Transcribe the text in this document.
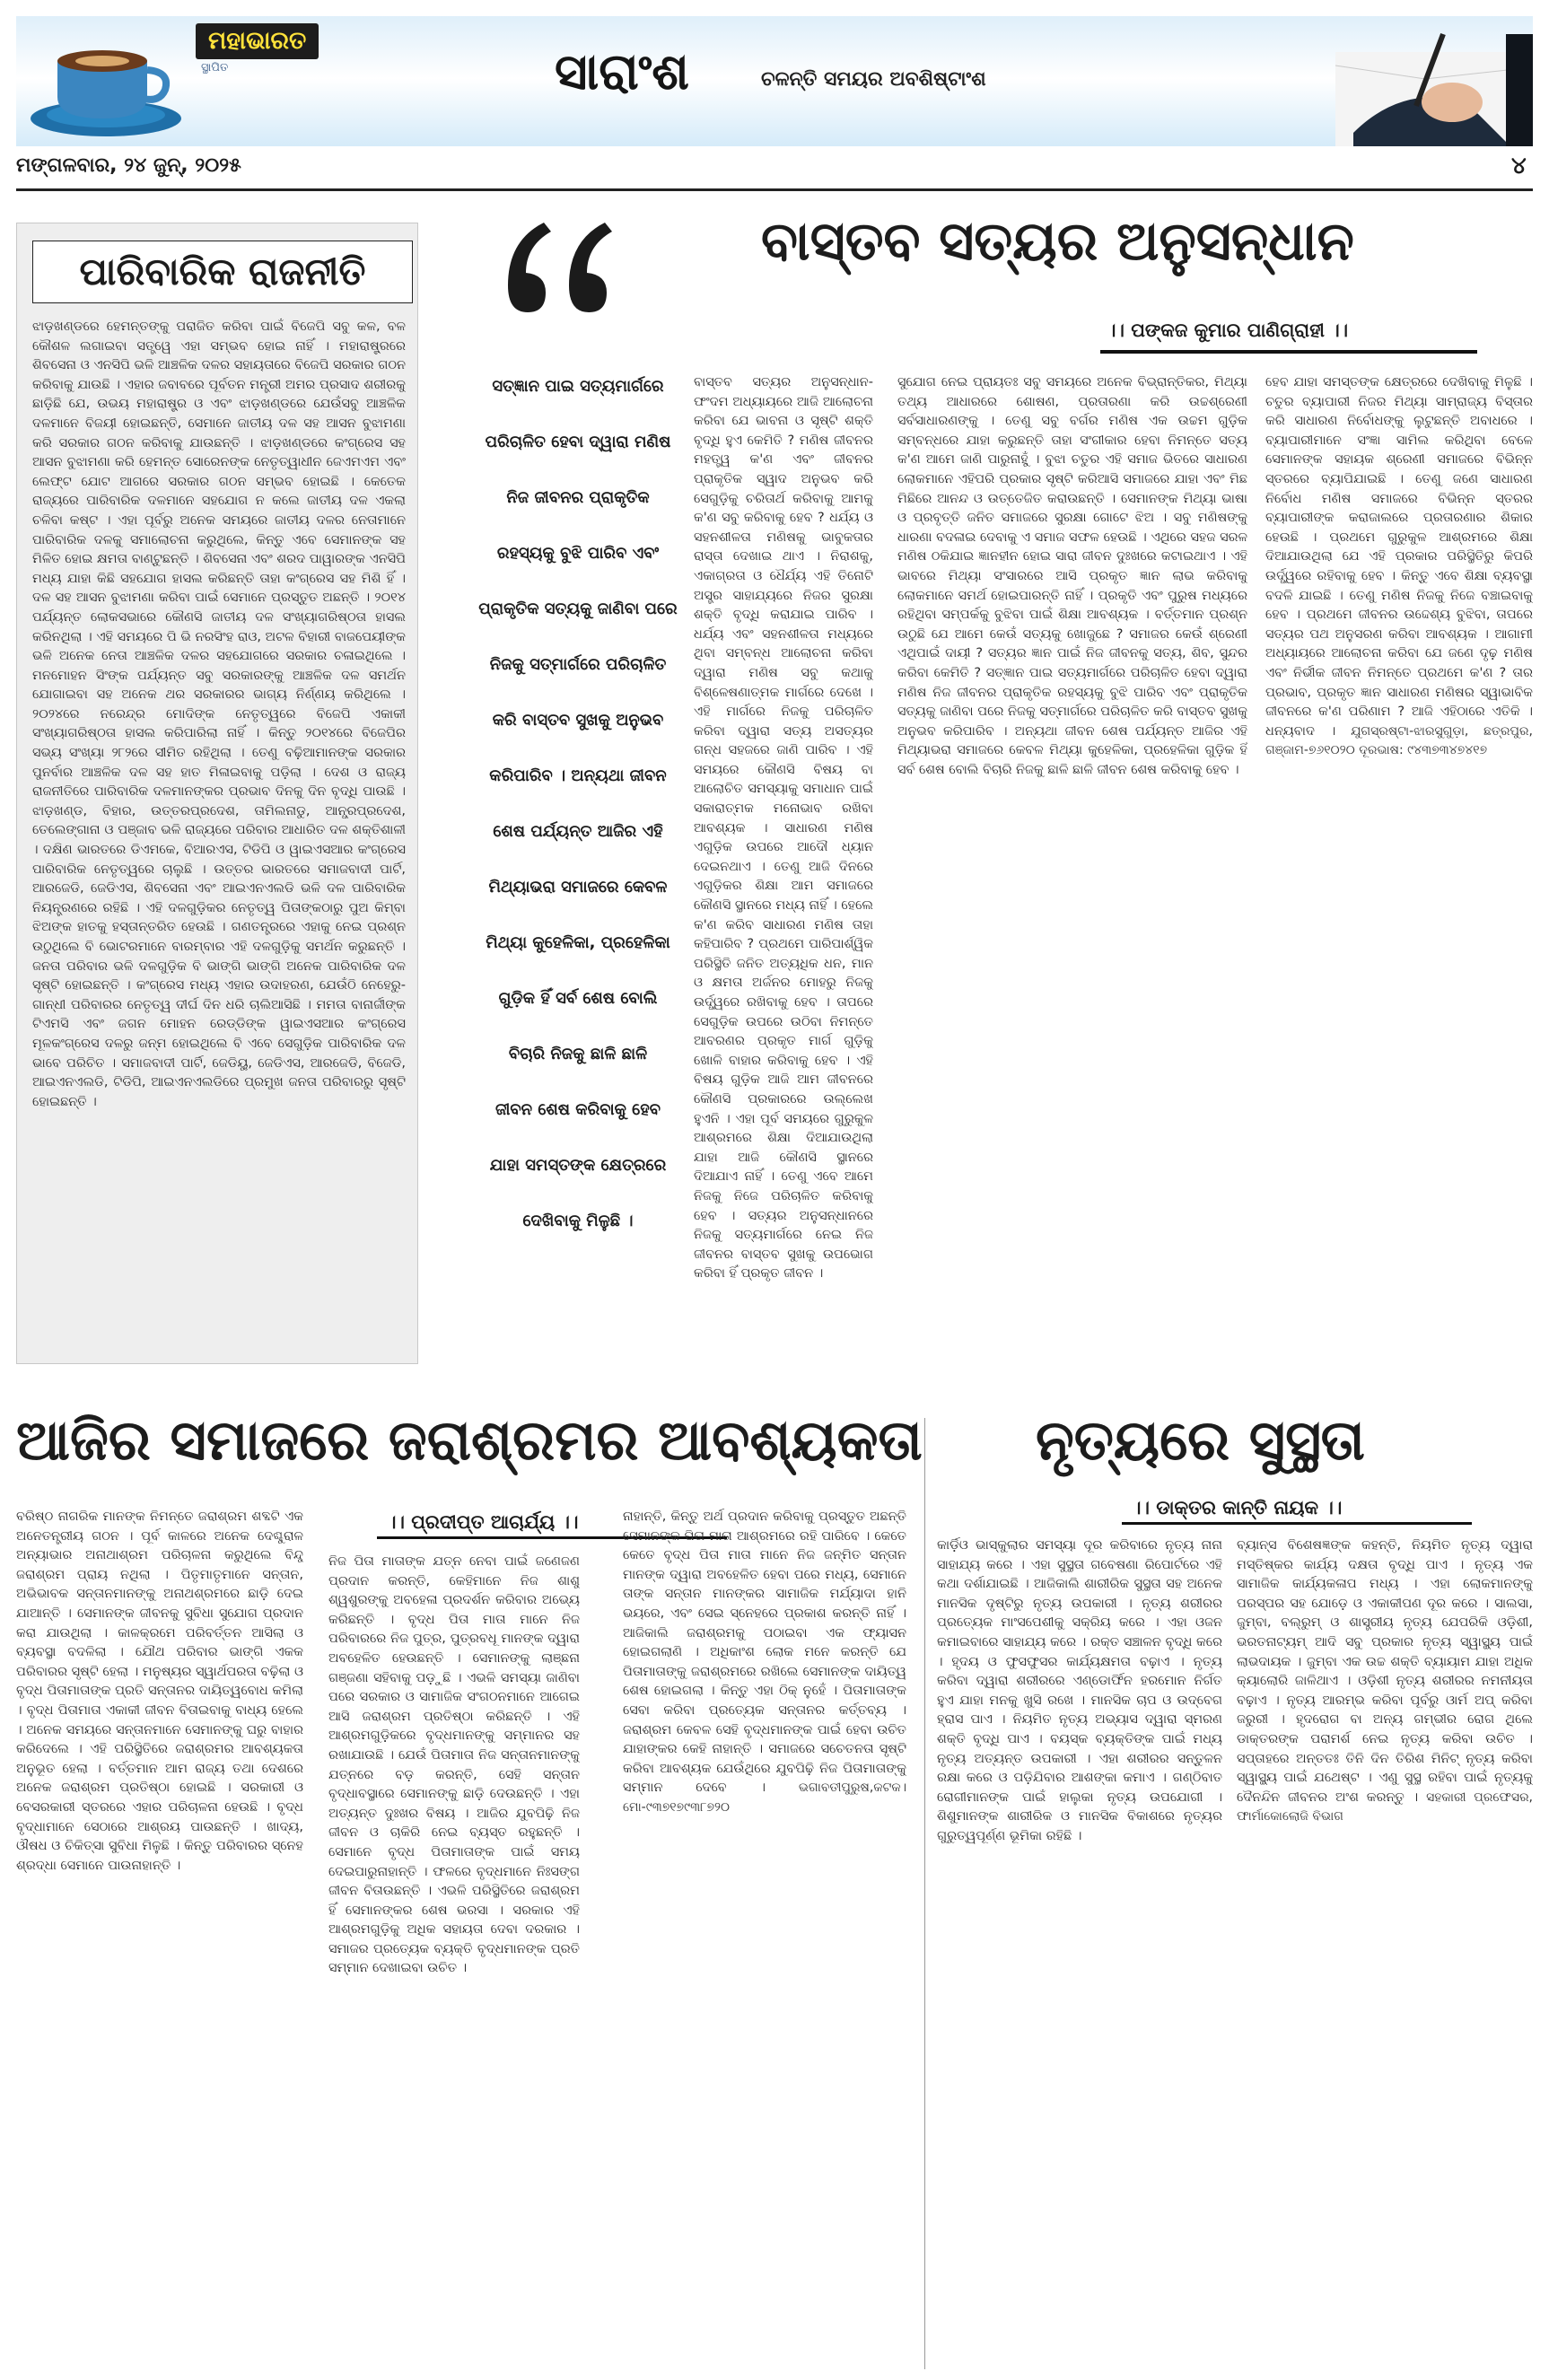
ମହାଭାରତ
ସ୍ଥାପିତ	ସାରାଂଶ	ଚଳନ୍ତି ସମୟର ଅବଶିଷ୍ଟାଂଶ
ମଙ୍ଗଳବାର, ୨୪ ଜୁନ୍, ୨୦୨୫	୪
ପାରିବାରିକ ରାଜନୀତି
ଝାଡ଼ଖଣ୍ଡରେ ହେମନ୍ତଙ୍କୁ ପରାଜିତ କରିବା ପାଇଁ ବିଜେପି ସବୁ କଳ, ବଳ କୌଶଳ ଲଗାଇବା ସତ୍ତ୍ୱେ ଏହା ସମ୍ଭବ ହୋଇ ନାହିଁ । ମହାରାଷ୍ଟ୍ରରେ ଶିବସେନା ଓ ଏନସିପି ଭଳି ଆଞ୍ଚଳିକ ଦଳର ସହାୟତାରେ ବିଜେପି ସରକାର ଗଠନ କରିବାକୁ ଯାଉଛି । ଏହାର ଜବାବରେ ପୂର୍ବତନ ମନ୍ତ୍ରୀ ଅମର ପ୍ରସାଦ ଶରୀରକୁ ଛାଡ଼ିଛି ଯେ, ଉଭୟ ମହାରାଷ୍ଟ୍ର ଓ ଏବଂ ଝାଡ଼ଖଣ୍ଡରେ ଯେଉଁସବୁ ଆଞ୍ଚଳିକ ଦଳମାନେ ବିଜୟୀ ହୋଇଛନ୍ତି, ସେମାନେ ଜାତୀୟ ଦଳ ସହ ଆସନ ବୁଝାମଣା କରି ସରକାର ଗଠନ କରିବାକୁ ଯାଉଛନ୍ତି । ଝାଡ଼ଖଣ୍ଡରେ କଂଗ୍ରେସ ସହ ଆସନ ବୁଝାମଣା କରି ହେମନ୍ତ ସୋରେନଙ୍କ ନେତୃତ୍ୱାଧୀନ ଜେଏମଏମ ଏବଂ ଲେଫ୍ଟ ଯୋଟ ଆଗରେ ସରକାର ଗଠନ ସମ୍ଭବ ହୋଇଛି । କେତେକ ରାଜ୍ୟରେ ପାରିବାରିକ ଦଳମାନେ ସହଯୋଗ ନ କଲେ ଜାତୀୟ ଦଳ ଏକଲା ଚଳିବା କଷ୍ଟ । ଏହା ପୂର୍ବରୁ ଅନେକ ସମୟରେ ଜାତୀୟ ଦଳର ନେତାମାନେ ପାରିବାରିକ ଦଳକୁ ସମାଲୋଚନା କରୁଥିଲେ, କିନ୍ତୁ ଏବେ ସେମାନଙ୍କ ସହ ମିଳିତ ହୋଇ କ୍ଷମତା ବାଣ୍ଟୁଛନ୍ତି । ଶିବସେନା ଏବଂ ଶରଦ ପାୱାରଙ୍କ ଏନସିପି ମଧ୍ୟ ଯାହା କିଛି ସହଯୋଗ ହାସଲ କରିଛନ୍ତି ତାହା କଂଗ୍ରେସ ସହ ମିଶି ହିଁ । ଦଳ ସହ ଆସନ ବୁଝାମଣା କରିବା ପାଇଁ ସେମାନେ ପ୍ରସ୍ତୁତ ଅଛନ୍ତି । ୨୦୧୪ ପର୍ଯ୍ୟନ୍ତ ଲୋକସଭାରେ କୌଣସି ଜାତୀୟ ଦଳ ସଂଖ୍ୟାଗରିଷ୍ଠତା ହାସଲ କରିନଥିଲା । ଏହି ସମୟରେ ପି ଭି ନରସିଂହ ରାଓ, ଅଟଳ ବିହାରୀ ବାଜପେୟୀଙ୍କ ଭଳି ଅନେକ ନେତା ଆଞ୍ଚଳିକ ଦଳର ସହଯୋଗରେ ସରକାର ଚଳାଇଥିଲେ । ମନମୋହନ ସିଂଙ୍କ ପର୍ଯ୍ୟନ୍ତ ସବୁ ସରକାରଙ୍କୁ ଆଞ୍ଚଳିକ ଦଳ ସମର୍ଥନ ଯୋଗାଇବା ସହ ଅନେକ ଥର ସରକାରର ଭାଗ୍ୟ ନିର୍ଣ୍ଣୟ କରିଥିଲେ । ୨୦୨୪ରେ ନରେନ୍ଦ୍ର ମୋଦିଙ୍କ ନେତୃତ୍ୱରେ ବିଜେପି ଏକାକୀ ସଂଖ୍ୟାଗରିଷ୍ଠତା ହାସଲ କରିପାରିଲା ନାହିଁ । କିନ୍ତୁ ୨୦୧୪ରେ ବିଜେପିର ସଭ୍ୟ ସଂଖ୍ୟା ୨୮୨ରେ ସୀମିତ ରହିଥିଲା । ତେଣୁ ବଢ଼ିଆମାନଙ୍କ ସରକାର ପୁନର୍ବାର ଆଞ୍ଚଳିକ ଦଳ ସହ ହାତ ମିଳାଇବାକୁ ପଡ଼ିଲା । ଦେଶ ଓ ରାଜ୍ୟ ରାଜନୀତିରେ ପାରିବାରିକ ଦଳମାନଙ୍କର ପ୍ରଭାବ ଦିନକୁ ଦିନ ବୃଦ୍ଧି ପାଉଛି । ଝାଡ଼ଖଣ୍ଡ, ବିହାର, ଉତ୍ତରପ୍ରଦେଶ, ତାମିଲନାଡୁ, ଆନ୍ଧ୍ରପ୍ରଦେଶ, ତେଲେଙ୍ଗାନା ଓ ପଞ୍ଜାବ ଭଳି ରାଜ୍ୟରେ ପରିବାର ଆଧାରିତ ଦଳ ଶକ୍ତିଶାଳୀ । ଦକ୍ଷିଣ ଭାରତରେ ଡିଏମକେ, ବିଆରଏସ, ଟିଡିପି ଓ ୱାଇଏସଆର କଂଗ୍ରେସ ପାରିବାରିକ ନେତୃତ୍ୱରେ ଚାଲୁଛି । ଉତ୍ତର ଭାରତରେ ସମାଜବାଦୀ ପାର୍ଟି, ଆରଜେଡି, ଜେଡିଏସ, ଶିବସେନା ଏବଂ ଆଇଏନଏଲଡି ଭଳି ଦଳ ପାରିବାରିକ ନିୟନ୍ତ୍ରଣରେ ରହିଛି । ଏହି ଦଳଗୁଡ଼ିକର ନେତୃତ୍ୱ ପିତାଙ୍କଠାରୁ ପୁଅ କିମ୍ବା ଝିଅଙ୍କ ହାତକୁ ହସ୍ତାନ୍ତରିତ ହେଉଛି । ଗଣତନ୍ତ୍ରରେ ଏହାକୁ ନେଇ ପ୍ରଶ୍ନ ଉଠୁଥିଲେ ବି ଭୋଟରମାନେ ବାରମ୍ବାର ଏହି ଦଳଗୁଡ଼ିକୁ ସମର୍ଥନ କରୁଛନ୍ତି । ଜନତା ପରିବାର ଭଳି ଦଳଗୁଡ଼ିକ ବି ଭାଙ୍ଗି ଭାଙ୍ଗି ଅନେକ ପାରିବାରିକ ଦଳ ସୃଷ୍ଟି ହୋଇଛନ୍ତି । କଂଗ୍ରେସ ମଧ୍ୟ ଏହାର ଉଦାହରଣ, ଯେଉଁଠି ନେହେରୁ-ଗାନ୍ଧୀ ପରିବାରର ନେତୃତ୍ୱ ଦୀର୍ଘ ଦିନ ଧରି ଚାଲିଆସିଛି । ମମତା ବାନାର୍ଜୀଙ୍କ ଟିଏମସି ଏବଂ ଜଗନ ମୋହନ ରେଡ୍ଡିଙ୍କ ୱାଇଏସଆର କଂଗ୍ରେସ ମୂଳକଂଗ୍ରେସ ଦଳରୁ ଜନ୍ମ ହୋଇଥିଲେ ବି ଏବେ ସେଗୁଡ଼ିକ ପାରିବାରିକ ଦଳ ଭାବେ ପରିଚିତ । ସମାଜବାଦୀ ପାର୍ଟି, ଜେଡିୟୁ, ଜେଡିଏସ, ଆରଜେଡି, ବିଜେଡି, ଆଇଏନଏଲଡି, ଟିଡିପି, ଆଇଏନଏଲଡିରେ ପ୍ରମୁଖ ଜନତା ପରିବାରରୁ ସୃଷ୍ଟି ହୋଇଛନ୍ତି ।
ବାସ୍ତବ ସତ୍ୟର ଅନୁସନ୍ଧାନ
।। ପଙ୍କଜ କୁମାର ପାଣିଗ୍ରାହୀ ।।
ସତ୍‌ଜ୍ଞାନ ପାଇ ସତ୍ୟମାର୍ଗରେ
ପରିଚାଳିତ ହେବା ଦ୍ୱାରା ମଣିଷ
ନିଜ ଜୀବନର ପ୍ରାକୃତିକ
ରହସ୍ୟକୁ ବୁଝି ପାରିବ ଏବଂ
ପ୍ରାକୃତିକ ସତ୍ୟକୁ ଜାଣିବା ପରେ
ନିଜକୁ ସତ୍‌ମାର୍ଗରେ ପରିଚାଳିତ
କରି ବାସ୍ତବ ସୁଖକୁ ଅନୁଭବ
କରିପାରିବ । ଅନ୍ୟଥା ଜୀବନ
ଶେଷ ପର୍ଯ୍ୟନ୍ତ ଆଜିର ଏହି
ମିଥ୍ୟାଭରା ସମାଜରେ କେବଳ
ମିଥ୍ୟା କୁହେଳିକା, ପ୍ରହେଳିକା
ଗୁଡ଼ିକ ହିଁ ସର୍ବ ଶେଷ ବୋଲି
ବିଚାରି ନିଜକୁ ଛାଳି ଛାଳି
ଜୀବନ ଶେଷ କରିବାକୁ ହେବ
ଯାହା ସମସ୍ତଙ୍କ କ୍ଷେତ୍ରରେ
ଦେଖିବାକୁ ମିଳୁଛି ।
ବାସ୍ତବ ସତ୍ୟର ଅନୁସନ୍ଧାନ- ଫଂଦମ ଅଧ୍ୟାୟରେ ଆଜି ଆଲୋଚନା କରିବା ଯେ ଭାବନା ଓ ସୃଷ୍ଟି ଶକ୍ତି ବୃଦ୍ଧି ହୁଏ କେମିତି ? ମଣିଷ ଜୀବନର ମହତ୍ତ୍ୱ କ'ଣ ଏବଂ ଜୀବନର ପ୍ରାକୃତିକ ସ୍ୱାଦ ଅନୁଭବ କରି ସେଗୁଡ଼ିକୁ ଚରିତାର୍ଥ କରିବାକୁ ଆମକୁ କ'ଣ ସବୁ କରିବାକୁ ହେବ ? ଧର୍ଯ୍ୟ ଓ ସହନଶୀଳତା ମଣିଷକୁ ଭାବୁକତାର ରାସ୍ତା ଦେଖାଇ ଥାଏ । ନିରାଶକୁ, ଏକାଗ୍ରତା ଓ ଧୈର୍ଯ୍ୟ ଏହି ତିନୋଟି ଅସ୍ତ୍ର ସାହାଯ୍ୟରେ ନିଜର ସୁରକ୍ଷା ଶକ୍ତି ବୃଦ୍ଧି କରାଯାଇ ପାରିବ । ଧର୍ଯ୍ୟ ଏବଂ ସହନଶୀଳତା ମଧ୍ୟରେ ଥିବା ସମ୍ବନ୍ଧ ଆଲୋଚନା କରିବା ଦ୍ୱାରା ମଣିଷ ସବୁ କଥାକୁ ବିଶ୍ଳେଷଣାତ୍ମକ ମାର୍ଗରେ ଦେଖେ । ଏହି ମାର୍ଗରେ ନିଜକୁ ପରିଚାଳିତ କରିବା ଦ୍ୱାରା ସତ୍ୟ ଅସତ୍ୟର ଗନ୍ଧ ସହଜରେ ଜାଣି ପାରିବ । ଏହି ସମୟରେ କୌଣସି ବିଷୟ ବା ଆଲୋଚିତ ସମସ୍ୟାକୁ ସମାଧାନ ପାଇଁ ସକାରାତ୍ମକ ମନୋଭାବ ରଖିବା ଆବଶ୍ୟକ । ସାଧାରଣ ମଣିଷ ଏଗୁଡ଼ିକ ଉପରେ ଆଦୌ ଧ୍ୟାନ ଦେଇନଥାଏ । ତେଣୁ ଆଜି ଦିନରେ ଏଗୁଡ଼ିକର ଶିକ୍ଷା ଆମ ସମାଜରେ କୌଣସି ସ୍ଥାନରେ ମଧ୍ୟ ନାହିଁ । ହେଲେ କ'ଣ କରିବ ସାଧାରଣ ମଣିଷ ତାହା କହିପାରିବ ? ପ୍ରଥମେ ପାରିପାର୍ଶ୍ୱିକ ପରିସ୍ଥିତି ଜନିତ ଅତ୍ୟଧିକ ଧନ, ମାନ ଓ କ୍ଷମତା ଅର୍ଜନର ମୋହରୁ ନିଜକୁ ଉର୍ଦ୍ଧ୍ୱରେ ରଖିବାକୁ ହେବ । ତାପରେ ସେଗୁଡ଼ିକ ଉପରେ ଉଠିବା ନିମନ୍ତେ ଆବରଣର ପ୍ରକୃତ ମାର୍ଗ ଗୁଡ଼ିକୁ ଖୋଳି ବାହାର କରିବାକୁ ହେବ । ଏହି ବିଷୟ ଗୁଡ଼ିକ ଆଜି ଆମ ଜୀବନରେ କୌଣସି ପ୍ରକାରରେ ଉଲ୍ଲେଖ ହୁଏନି । ଏହା ପୂର୍ବ ସମୟରେ ଗୁରୁକୁଳ ଆଶ୍ରମରେ ଶିକ୍ଷା ଦିଆଯାଉଥିଲା ଯାହା ଆଜି କୌଣସି ସ୍ଥାନରେ ଦିଆଯାଏ ନାହିଁ । ତେଣୁ ଏବେ ଆମେ ନିଜକୁ ନିଜେ ପରିଚାଳିତ କରିବାକୁ ହେବ । ସତ୍ୟର ଅନୁସନ୍ଧାନରେ ନିଜକୁ ସତ୍ୟମାର୍ଗରେ ନେଇ ନିଜ ଜୀବନର ବାସ୍ତବ ସୁଖକୁ ଉପଭୋଗ କରିବା ହିଁ ପ୍ରକୃତ ଜୀବନ ।
ସୁଯୋଗ ନେଇ ପ୍ରାୟତଃ ସବୁ ସମୟରେ ଅନେକ ବିଭ୍ରାନ୍ତିକର, ମିଥ୍ୟା ତଥ୍ୟ ଆଧାରରେ ଶୋଷଣ, ପ୍ରତାରଣା କରି ଉଚ୍ଚଶ୍ରେଣୀ ସର୍ବସାଧାରଣଙ୍କୁ । ତେଣୁ ସବୁ ବର୍ଗର ମଣିଷ ଏକ ଉଚ୍ଚମ ଗୁଡ଼ିକ ସମ୍ବନ୍ଧରେ ଯାହା କରୁଛନ୍ତି ତାହା ସଂଗୀକାର ହେବା ନିମନ୍ତେ ସତ୍ୟ କ'ଣ ଆମେ ଜାଣି ପାରୁନାହୁଁ । ବୁଝା ଚତୁର ଏହି ସମାଜ ଭିତରେ ସାଧାରଣ ଲୋକମାନେ ଏହିପରି ପ୍ରକାର ସୃଷ୍ଟି କରିଆସି ସମାଜରେ ଯାହା ଏବଂ ମିଛ ମିଛିରେ ଆନନ୍ଦ ଓ ଉତ୍ତେଜିତ କରାଉଛନ୍ତି । ସେମାନଙ୍କ ମିଥ୍ୟା ଭାଷା ଓ ପ୍ରବୃତ୍ତି ଜନିତ ସମାଜରେ ସୁରକ୍ଷା ଗୋଟେ ଝିଅ । ସବୁ ମଣିଷଙ୍କୁ ଧାରଣା ବଦଳାଇ ଦେବାକୁ ଏ ସମାଜ ସଫଳ ହେଉଛି । ଏଥିରେ ସହଜ ସରଳ ମଣିଷ ଠକିଯାଇ ଜ୍ଞାନହୀନ ହୋଇ ସାରା ଜୀବନ ଦୁଃଖରେ କଟାଇଥାଏ । ଏହି ଭାବରେ ମିଥ୍ୟା ସଂସାରରେ ଆସି ପ୍ରକୃତ ଜ୍ଞାନ ଲାଭ କରିବାକୁ ଲୋକମାନେ ସମର୍ଥ ହୋଇପାରନ୍ତି ନାହିଁ । ପ୍ରକୃତି ଏବଂ ପୁରୁଷ ମଧ୍ୟରେ ରହିଥିବା ସମ୍ପର୍କକୁ ବୁଝିବା ପାଇଁ ଶିକ୍ଷା ଆବଶ୍ୟକ । ବର୍ତ୍ତମାନ ପ୍ରଶ୍ନ ଉଠୁଛି ଯେ ଆମେ କେଉଁ ସତ୍ୟକୁ ଖୋଜୁଛେ ? ସମାଜର କେଉଁ ଶ୍ରେଣୀ ଏଥିପାଇଁ ଦାୟୀ ? ସତ୍ୟର ଜ୍ଞାନ ପାଇଁ ନିଜ ଜୀବନକୁ ସତ୍ୟ, ଶିବ, ସୁନ୍ଦର କରିବା କେମିତି ? ସତ୍‌ଜ୍ଞାନ ପାଇ ସତ୍ୟମାର୍ଗରେ ପରିଚାଳିତ ହେବା ଦ୍ୱାରା ମଣିଷ ନିଜ ଜୀବନର ପ୍ରାକୃତିକ ରହସ୍ୟକୁ ବୁଝି ପାରିବ ଏବଂ ପ୍ରାକୃତିକ ସତ୍ୟକୁ ଜାଣିବା ପରେ ନିଜକୁ ସତ୍‌ମାର୍ଗରେ ପରିଚାଳିତ କରି ବାସ୍ତବ ସୁଖକୁ ଅନୁଭବ କରିପାରିବ । ଅନ୍ୟଥା ଜୀବନ ଶେଷ ପର୍ଯ୍ୟନ୍ତ ଆଜିର ଏହି ମିଥ୍ୟାଭରା ସମାଜରେ କେବଳ ମିଥ୍ୟା କୁହେଳିକା, ପ୍ରହେଳିକା ଗୁଡ଼ିକ ହିଁ ସର୍ବ ଶେଷ ବୋଲି ବିଚାରି ନିଜକୁ ଛାଳି ଛାଳି ଜୀବନ ଶେଷ କରିବାକୁ ହେବ ।
ହେବ ଯାହା ସମସ୍ତଙ୍କ କ୍ଷେତ୍ରରେ ଦେଖିବାକୁ ମିଳୁଛି । ଚତୁର ବ୍ୟାପାରୀ ନିଜର ମିଥ୍ୟା ସାମ୍ରାଜ୍ୟ ବିସ୍ତାର କରି ସାଧାରଣ ନିର୍ବୋଧଙ୍କୁ ଲୁଟୁଛନ୍ତି ଅବାଧରେ । ବ୍ୟାପାରୀମାନେ ସଂଜ୍ଞା ସାମିଲ କରିଥିବା ବେଳେ ସେମାନଙ୍କ ସହାୟକ ଶ୍ରେଣୀ ସମାଜରେ ବିଭିନ୍ନ ସ୍ତରରେ ବ୍ୟାପିଯାଇଛି । ତେଣୁ ଜଣେ ସାଧାରଣ ନିର୍ବୋଧ ମଣିଷ ସମାଜରେ ବିଭିନ୍ନ ସ୍ତରର ବ୍ୟାପାରୀଙ୍କ କରାଜାଲରେ ପ୍ରତାରଣାର ଶିକାର ହେଉଛି । ପ୍ରଥମେ ଗୁରୁକୁଳ ଆଶ୍ରମରେ ଶିକ୍ଷା ଦିଆଯାଉଥିଲା ଯେ ଏହି ପ୍ରକାର ପରିସ୍ଥିତିରୁ କିପରି ଉର୍ଦ୍ଧ୍ୱରେ ରହିବାକୁ ହେବ । କିନ୍ତୁ ଏବେ ଶିକ୍ଷା ବ୍ୟବସ୍ଥା ବଦଳି ଯାଇଛି । ତେଣୁ ମଣିଷ ନିଜକୁ ନିଜେ ବଞ୍ଚାଇବାକୁ ହେବ । ପ୍ରଥମେ ଜୀବନର ଉଦ୍ଦେଶ୍ୟ ବୁଝିବା, ତାପରେ ସତ୍ୟର ପଥ ଅନୁସରଣ କରିବା ଆବଶ୍ୟକ । ଆଗାମୀ ଅଧ୍ୟାୟରେ ଆଲୋଚନା କରିବା ଯେ ଜଣେ ଦୃଢ଼ ମଣିଷ ଏବଂ ନିର୍ଭୀକ ଜୀବନ ନିମନ୍ତେ ପ୍ରଥମେ କ'ଣ ? ତାର ପ୍ରଭାବ, ପ୍ରକୃତ ଜ୍ଞାନ ସାଧାରଣ ମଣିଷର ସ୍ୱାଭାବିକ ଜୀବନରେ କ'ଣ ପରିଣାମ ? ଆଜି ଏହିଠାରେ ଏତିକି । ଧନ୍ୟବାଦ । ଯୁଗସ୍ରଷ୍ଟା-ଝାରସୁଗୁଡ଼ା, ଛତ୍ରପୁର, ଗଞ୍ଜାମ-୭୬୧୦୨୦ ଦୂରଭାଷ: ୯୪୩୭୩୪୭୪୧୭
ଆଜିର ସମାଜରେ ଜରାଶ୍ରମର ଆବଶ୍ୟକତା ନୃତ୍ୟରେ ସୁସ୍ଥତା
।। ପ୍ରଦୀପ୍ତ ଆଚାର୍ଯ୍ୟ ।।
।। ଡାକ୍ତର କାନ୍ତି ନାୟକ ।।
ବରିଷ୍ଠ ନାଗରିକ ମାନଙ୍କ ନିମନ୍ତେ ଜରାଶ୍ରମ ଶବ୍ଦଟି ଏକ ଅନେତନ୍ତ୍ରୀୟ ଗଠନ । ପୂର୍ବ କାଳରେ ଅନେକ ଦେଶ୍ଚୁରାଳ ଅନ୍ୟାଭାର ଅନାଥାଶ୍ରମ ପରିଚାଳନା କରୁଥିଲେ ବିନ୍ଦୁ ଜରାଶ୍ରମ ପ୍ରାୟ ନଥିଲା । ପିତୃମାତୃମାନେ ସନ୍ତାନ, ଅଭିଭାବକ ସନ୍ତାନମାନଙ୍କୁ ଅନାଥଶ୍ରମରେ ଛାଡ଼ି ଦେଇ ଯାଆନ୍ତି । ସେମାନଙ୍କ ଜୀବନକୁ ସୁବିଧା ସୁଯୋଗ ପ୍ରଦାନ କରା ଯାଉଥିଲା । କାଳକ୍ରମେ ପରିବର୍ତ୍ତନ ଆସିଲା ଓ ବ୍ୟବସ୍ଥା ବଦଳିଲା । ଯୌଥ ପରିବାର ଭାଙ୍ଗି ଏକକ ପରିବାରର ସୃଷ୍ଟି ହେଲା । ମନୁଷ୍ୟର ସ୍ୱାର୍ଥପରତା ବଢ଼ିଲା ଓ ବୃଦ୍ଧ ପିତାମାତାଙ୍କ ପ୍ରତି ସନ୍ତାନର ଦାୟିତ୍ୱବୋଧ କମିଲା । ବୃଦ୍ଧ ପିତାମାତା ଏକାକୀ ଜୀବନ ବିତାଇବାକୁ ବାଧ୍ୟ ହେଲେ । ଅନେକ ସମୟରେ ସନ୍ତାନମାନେ ସେମାନଙ୍କୁ ଘରୁ ବାହାର କରିଦେଲେ । ଏହି ପରିସ୍ଥିତିରେ ଜରାଶ୍ରମର ଆବଶ୍ୟକତା ଅନୁଭୂତ ହେଲା । ବର୍ତ୍ତମାନ ଆମ ରାଜ୍ୟ ତଥା ଦେଶରେ ଅନେକ ଜରାଶ୍ରମ ପ୍ରତିଷ୍ଠା ହୋଇଛି । ସରକାରୀ ଓ ବେସରକାରୀ ସ୍ତରରେ ଏହାର ପରିଚାଳନା ହେଉଛି । ବୃଦ୍ଧ ବୃଦ୍ଧାମାନେ ସେଠାରେ ଆଶ୍ରୟ ପାଉଛନ୍ତି । ଖାଦ୍ୟ, ଔଷଧ ଓ ଚିକିତ୍ସା ସୁବିଧା ମିଳୁଛି । କିନ୍ତୁ ପରିବାରର ସ୍ନେହ ଶ୍ରଦ୍ଧା ସେମାନେ ପାଉନାହାନ୍ତି ।
ନିଜ ପିତା ମାତାଙ୍କ ଯତ୍ନ ନେବା ପାଇଁ ଜଣେଜଣ ପ୍ରଦାନ କରନ୍ତି, କେହିମାନେ ନିଜ ଶାଶୁ ଶ୍ୱଶୁରଙ୍କୁ ଅବହେଳା ପ୍ରଦର୍ଶନ କରିବାର ଅଭ୍ୟେ କରିଛନ୍ତି । ବୃଦ୍ଧ ପିତା ମାତା ମାନେ ନିଜ ପରିବାରରେ ନିଜ ପୁତ୍ର, ପୁତ୍ରବଧୂ ମାନଙ୍କ ଦ୍ୱାରା ଅବହେଳିତ ହେଉଛନ୍ତି । ସେମାନଙ୍କୁ ଲାଞ୍ଛନା ଗଞ୍ଜଣା ସହିବାକୁ ପଡ଼ୁଛି । ଏଭଳି ସମସ୍ୟା ଜାଣିବା ପରେ ସରକାର ଓ ସାମାଜିକ ସଂଗଠନମାନେ ଆଗେଇ ଆସି ଜରାଶ୍ରମ ପ୍ରତିଷ୍ଠା କରିଛନ୍ତି । ଏହି ଆଶ୍ରମଗୁଡ଼ିକରେ ବୃଦ୍ଧମାନଙ୍କୁ ସମ୍ମାନର ସହ ରଖାଯାଉଛି । ଯେଉଁ ପିତାମାତା ନିଜ ସନ୍ତାନମାନଙ୍କୁ ଯତ୍ନରେ ବଡ଼ କରନ୍ତି, ସେହି ସନ୍ତାନ ବୃଦ୍ଧାବସ୍ଥାରେ ସେମାନଙ୍କୁ ଛାଡ଼ି ଦେଉଛନ୍ତି । ଏହା ଅତ୍ୟନ୍ତ ଦୁଃଖର ବିଷୟ । ଆଜିର ଯୁବପିଢ଼ି ନିଜ ଜୀବନ ଓ ଚାକିରି ନେଇ ବ୍ୟସ୍ତ ରହୁଛନ୍ତି । ସେମାନେ ବୃଦ୍ଧ ପିତାମାତାଙ୍କ ପାଇଁ ସମୟ ଦେଇପାରୁନାହାନ୍ତି । ଫଳରେ ବୃଦ୍ଧମାନେ ନିଃସଙ୍ଗ ଜୀବନ ବିତାଉଛନ୍ତି । ଏଭଳି ପରିସ୍ଥିତିରେ ଜରାଶ୍ରମ ହିଁ ସେମାନଙ୍କର ଶେଷ ଭରସା । ସରକାର ଏହି ଆଶ୍ରମଗୁଡ଼ିକୁ ଅଧିକ ସହାୟତା ଦେବା ଦରକାର । ସମାଜର ପ୍ରତ୍ୟେକ ବ୍ୟକ୍ତି ବୃଦ୍ଧମାନଙ୍କ ପ୍ରତି ସମ୍ମାନ ଦେଖାଇବା ଉଚିତ ।
ନାହାନ୍ତି, କିନ୍ତୁ ଅର୍ଥ ପ୍ରଦାନ କରିବାକୁ ପ୍ରସ୍ତୁତ ଅଛନ୍ତି ସେମାନଙ୍କ ପିତା ମାତା ଆଶ୍ରମରେ ରହି ପାରିବେ । କେତେ କେତେ ବୃଦ୍ଧ ପିତା ମାତା ମାନେ ନିଜ ଜନ୍ମିତ ସନ୍ତାନ ମାନଙ୍କ ଦ୍ୱାରା ଅବହେଳିତ ହେବା ପରେ ମଧ୍ୟ, ସେମାନେ ତାଙ୍କ ସନ୍ତାନ ମାନଙ୍କର ସାମାଜିକ ମର୍ଯ୍ୟାଦା ହାନି ଭୟରେ, ଏବଂ ସେଇ ସ୍ନେହରେ ପ୍ରକାଶ କରନ୍ତି ନାହିଁ । ଆଜିକାଲି ଜରାଶ୍ରମକୁ ପଠାଇବା ଏକ ଫ୍ୟାସନ ହୋଇଗଲାଣି । ଅଧିକାଂଶ ଲୋକ ମନେ କରନ୍ତି ଯେ ପିତାମାତାଙ୍କୁ ଜରାଶ୍ରମରେ ରଖିଲେ ସେମାନଙ୍କ ଦାୟିତ୍ୱ ଶେଷ ହୋଇଗଲା । କିନ୍ତୁ ଏହା ଠିକ୍ ନୁହେଁ । ପିତାମାତାଙ୍କ ସେବା କରିବା ପ୍ରତ୍ୟେକ ସନ୍ତାନର କର୍ତ୍ତବ୍ୟ । ଜରାଶ୍ରମ କେବଳ ସେହି ବୃଦ୍ଧମାନଙ୍କ ପାଇଁ ହେବା ଉଚିତ ଯାହାଙ୍କର କେହି ନାହାନ୍ତି । ସମାଜରେ ସଚେତନତା ସୃଷ୍ଟି କରିବା ଆବଶ୍ୟକ ଯେଉଁଥିରେ ଯୁବପିଢ଼ି ନିଜ ପିତାମାତାଙ୍କୁ ସମ୍ମାନ ଦେବେ ।	ଭଗାବତୀପୁରୁଷ,କଟକ। ମୋ-୯୩୭୧୭୯୩୮୭୨୦
କାର୍ଡ଼ିଓ ଭାସ୍କୁଲାର ସମସ୍ୟା ଦୂର କରିବାରେ ନୃତ୍ୟ ନାନା ସାହାଯ୍ୟ କରେ । ଏହା ସୁସ୍ଥତା ଗବେଷଣା ରିପୋର୍ଟରେ ଏହି କଥା ଦର୍ଶାଯାଇଛି । ଆଜିକାଲି ଶାରୀରିକ ସୁସ୍ଥତା ସହ ଅନେକ ମାନସିକ ଦୃଷ୍ଟିରୁ ନୃତ୍ୟ ଉପକାରୀ । ନୃତ୍ୟ ଶରୀରର ପ୍ରତ୍ୟେକ ମାଂସପେଶୀକୁ ସକ୍ରିୟ କରେ । ଏହା ଓଜନ କମାଇବାରେ ସାହାଯ୍ୟ କରେ । ରକ୍ତ ସଞ୍ଚାଳନ ବୃଦ୍ଧି କରେ । ହୃଦୟ ଓ ଫୁସଫୁସର କାର୍ଯ୍ୟକ୍ଷମତା ବଢ଼ାଏ । ନୃତ୍ୟ କରିବା ଦ୍ୱାରା ଶରୀରରେ ଏଣ୍ଡୋର୍ଫିନ ହରମୋନ ନିର୍ଗତ ହୁଏ ଯାହା ମନକୁ ଖୁସି ରଖେ । ମାନସିକ ଚାପ ଓ ଉଦ୍‌ବେଗ ହ୍ରାସ ପାଏ । ନିୟମିତ ନୃତ୍ୟ ଅଭ୍ୟାସ ଦ୍ୱାରା ସ୍ମରଣ ଶକ୍ତି ବୃଦ୍ଧି ପାଏ । ବୟସ୍କ ବ୍ୟକ୍ତିଙ୍କ ପାଇଁ ମଧ୍ୟ ନୃତ୍ୟ ଅତ୍ୟନ୍ତ ଉପକାରୀ । ଏହା ଶରୀରର ସନ୍ତୁଳନ ରକ୍ଷା କରେ ଓ ପଡ଼ିଯିବାର ଆଶଙ୍କା କମାଏ । ଗଣ୍ଠିବାତ ରୋଗୀମାନଙ୍କ ପାଇଁ ହାଲୁକା ନୃତ୍ୟ ଉପଯୋଗୀ । ଶିଶୁମାନଙ୍କ ଶାରୀରିକ ଓ ମାନସିକ ବିକାଶରେ ନୃତ୍ୟର ଗୁରୁତ୍ୱପୂର୍ଣ୍ଣ ଭୂମିକା ରହିଛି ।
ବ୍ୟାନ୍ସ ବିଶେଷଜ୍ଞଙ୍କ କହନ୍ତି, ନିୟମିତ ନୃତ୍ୟ ଦ୍ୱାରା ମସ୍ତିଷ୍କର କାର୍ଯ୍ୟ ଦକ୍ଷତା ବୃଦ୍ଧି ପାଏ । ନୃତ୍ୟ ଏକ ସାମାଜିକ କାର୍ଯ୍ୟକଳାପ ମଧ୍ୟ । ଏହା ଲୋକମାନଙ୍କୁ ପରସ୍ପର ସହ ଯୋଡ଼େ ଓ ଏକାକୀପଣ ଦୂର କରେ । ସାଲସା, ଜୁମ୍ବା, ବଲ୍‌ରୁମ୍ ଓ ଶାସ୍ତ୍ରୀୟ ନୃତ୍ୟ ଯେପରିକି ଓଡ଼ିଶୀ, ଭରତନାଟ୍ୟମ୍ ଆଦି ସବୁ ପ୍ରକାର ନୃତ୍ୟ ସ୍ୱାସ୍ଥ୍ୟ ପାଇଁ ଲାଭଦାୟକ । ଜୁମ୍ବା ଏକ ଉଚ୍ଚ ଶକ୍ତି ବ୍ୟାୟାମ ଯାହା ଅଧିକ କ୍ୟାଲୋରି ଜାଳିଥାଏ । ଓଡ଼ିଶୀ ନୃତ୍ୟ ଶରୀରର ନମନୀୟତା ବଢ଼ାଏ । ନୃତ୍ୟ ଆରମ୍ଭ କରିବା ପୂର୍ବରୁ ଓାର୍ମ ଅପ୍ କରିବା ଜରୁରୀ । ହୃଦରୋଗ ବା ଅନ୍ୟ ଗମ୍ଭୀର ରୋଗ ଥିଲେ ଡାକ୍ତରଙ୍କ ପରାମର୍ଶ ନେଇ ନୃତ୍ୟ କରିବା ଉଚିତ । ସପ୍ତାହରେ ଅନ୍ତତଃ ତିନି ଦିନ ତିରିଶ ମିନିଟ୍ ନୃତ୍ୟ କରିବା ସ୍ୱାସ୍ଥ୍ୟ ପାଇଁ ଯଥେଷ୍ଟ । ଏଣୁ ସୁସ୍ଥ ରହିବା ପାଇଁ ନୃତ୍ୟକୁ ଦୈନନ୍ଦିନ ଜୀବନର ଅଂଶ କରନ୍ତୁ । ସହକାରୀ ପ୍ରଫେସର, ଫାର୍ମାକୋଲୋଜି ବିଭାଗ
